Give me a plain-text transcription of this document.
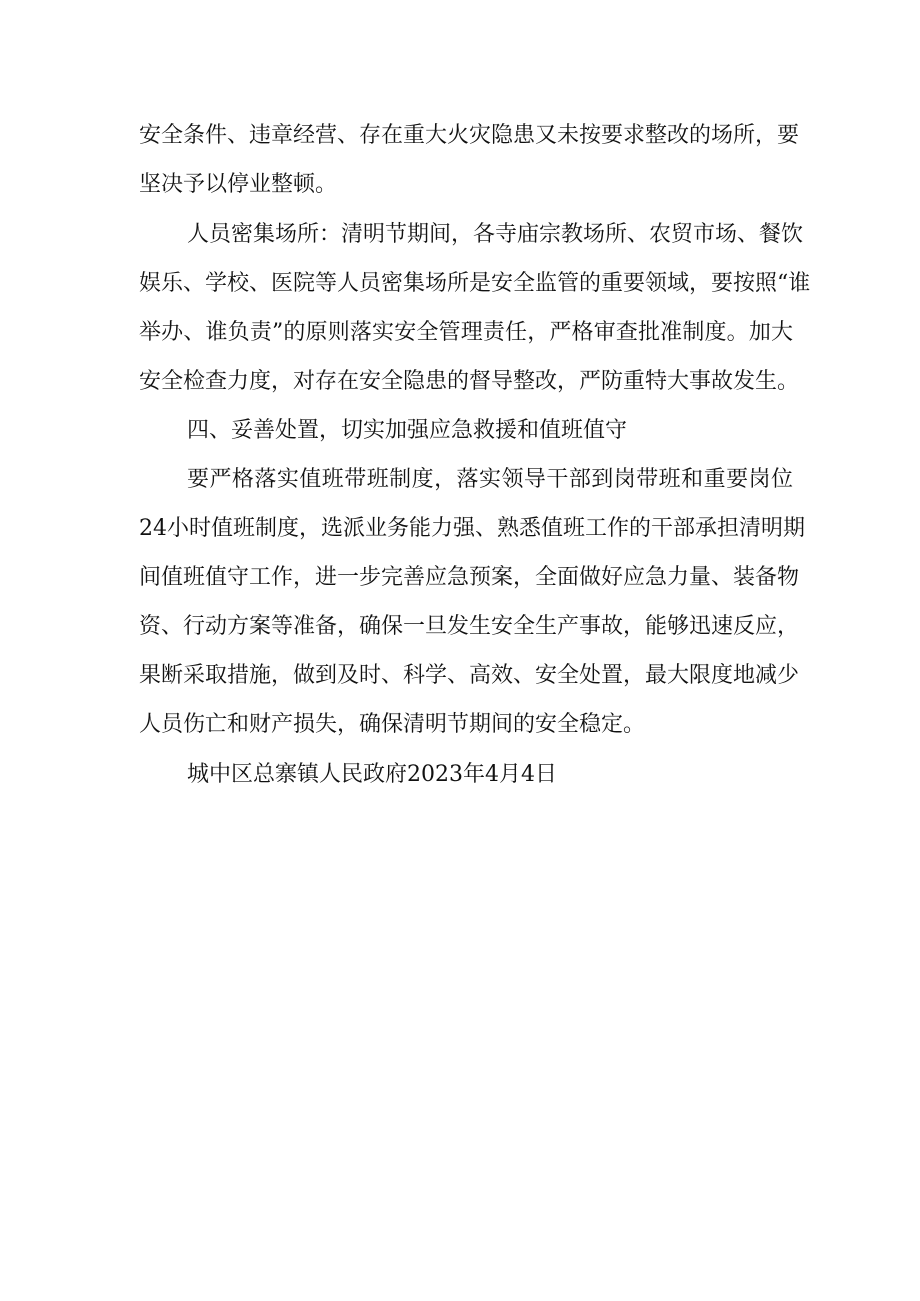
安全条件、违章经营、存在重大火灾隐患又未按要求整改的场所，要
坚决予以停业整顿。
人员密集场所：清明节期间，各寺庙宗教场所、农贸市场、餐饮
娱乐、学校、医院等人员密集场所是安全监管的重要领域，要按照“谁
举办、谁负责”的原则落实安全管理责任，严格审查批准制度。加大
安全检查力度，对存在安全隐患的督导整改，严防重特大事故发生。
四、妥善处置，切实加强应急救援和值班值守
要严格落实值班带班制度，落实领导干部到岗带班和重要岗位
24小时值班制度，选派业务能力强、熟悉值班工作的干部承担清明期
间值班值守工作，进一步完善应急预案，全面做好应急力量、装备物
资、行动方案等准备，确保一旦发生安全生产事故，能够迅速反应，
果断采取措施，做到及时、科学、高效、安全处置，最大限度地减少
人员伤亡和财产损失，确保清明节期间的安全稳定。
城中区总寨镇人民政府2023年4月4日
